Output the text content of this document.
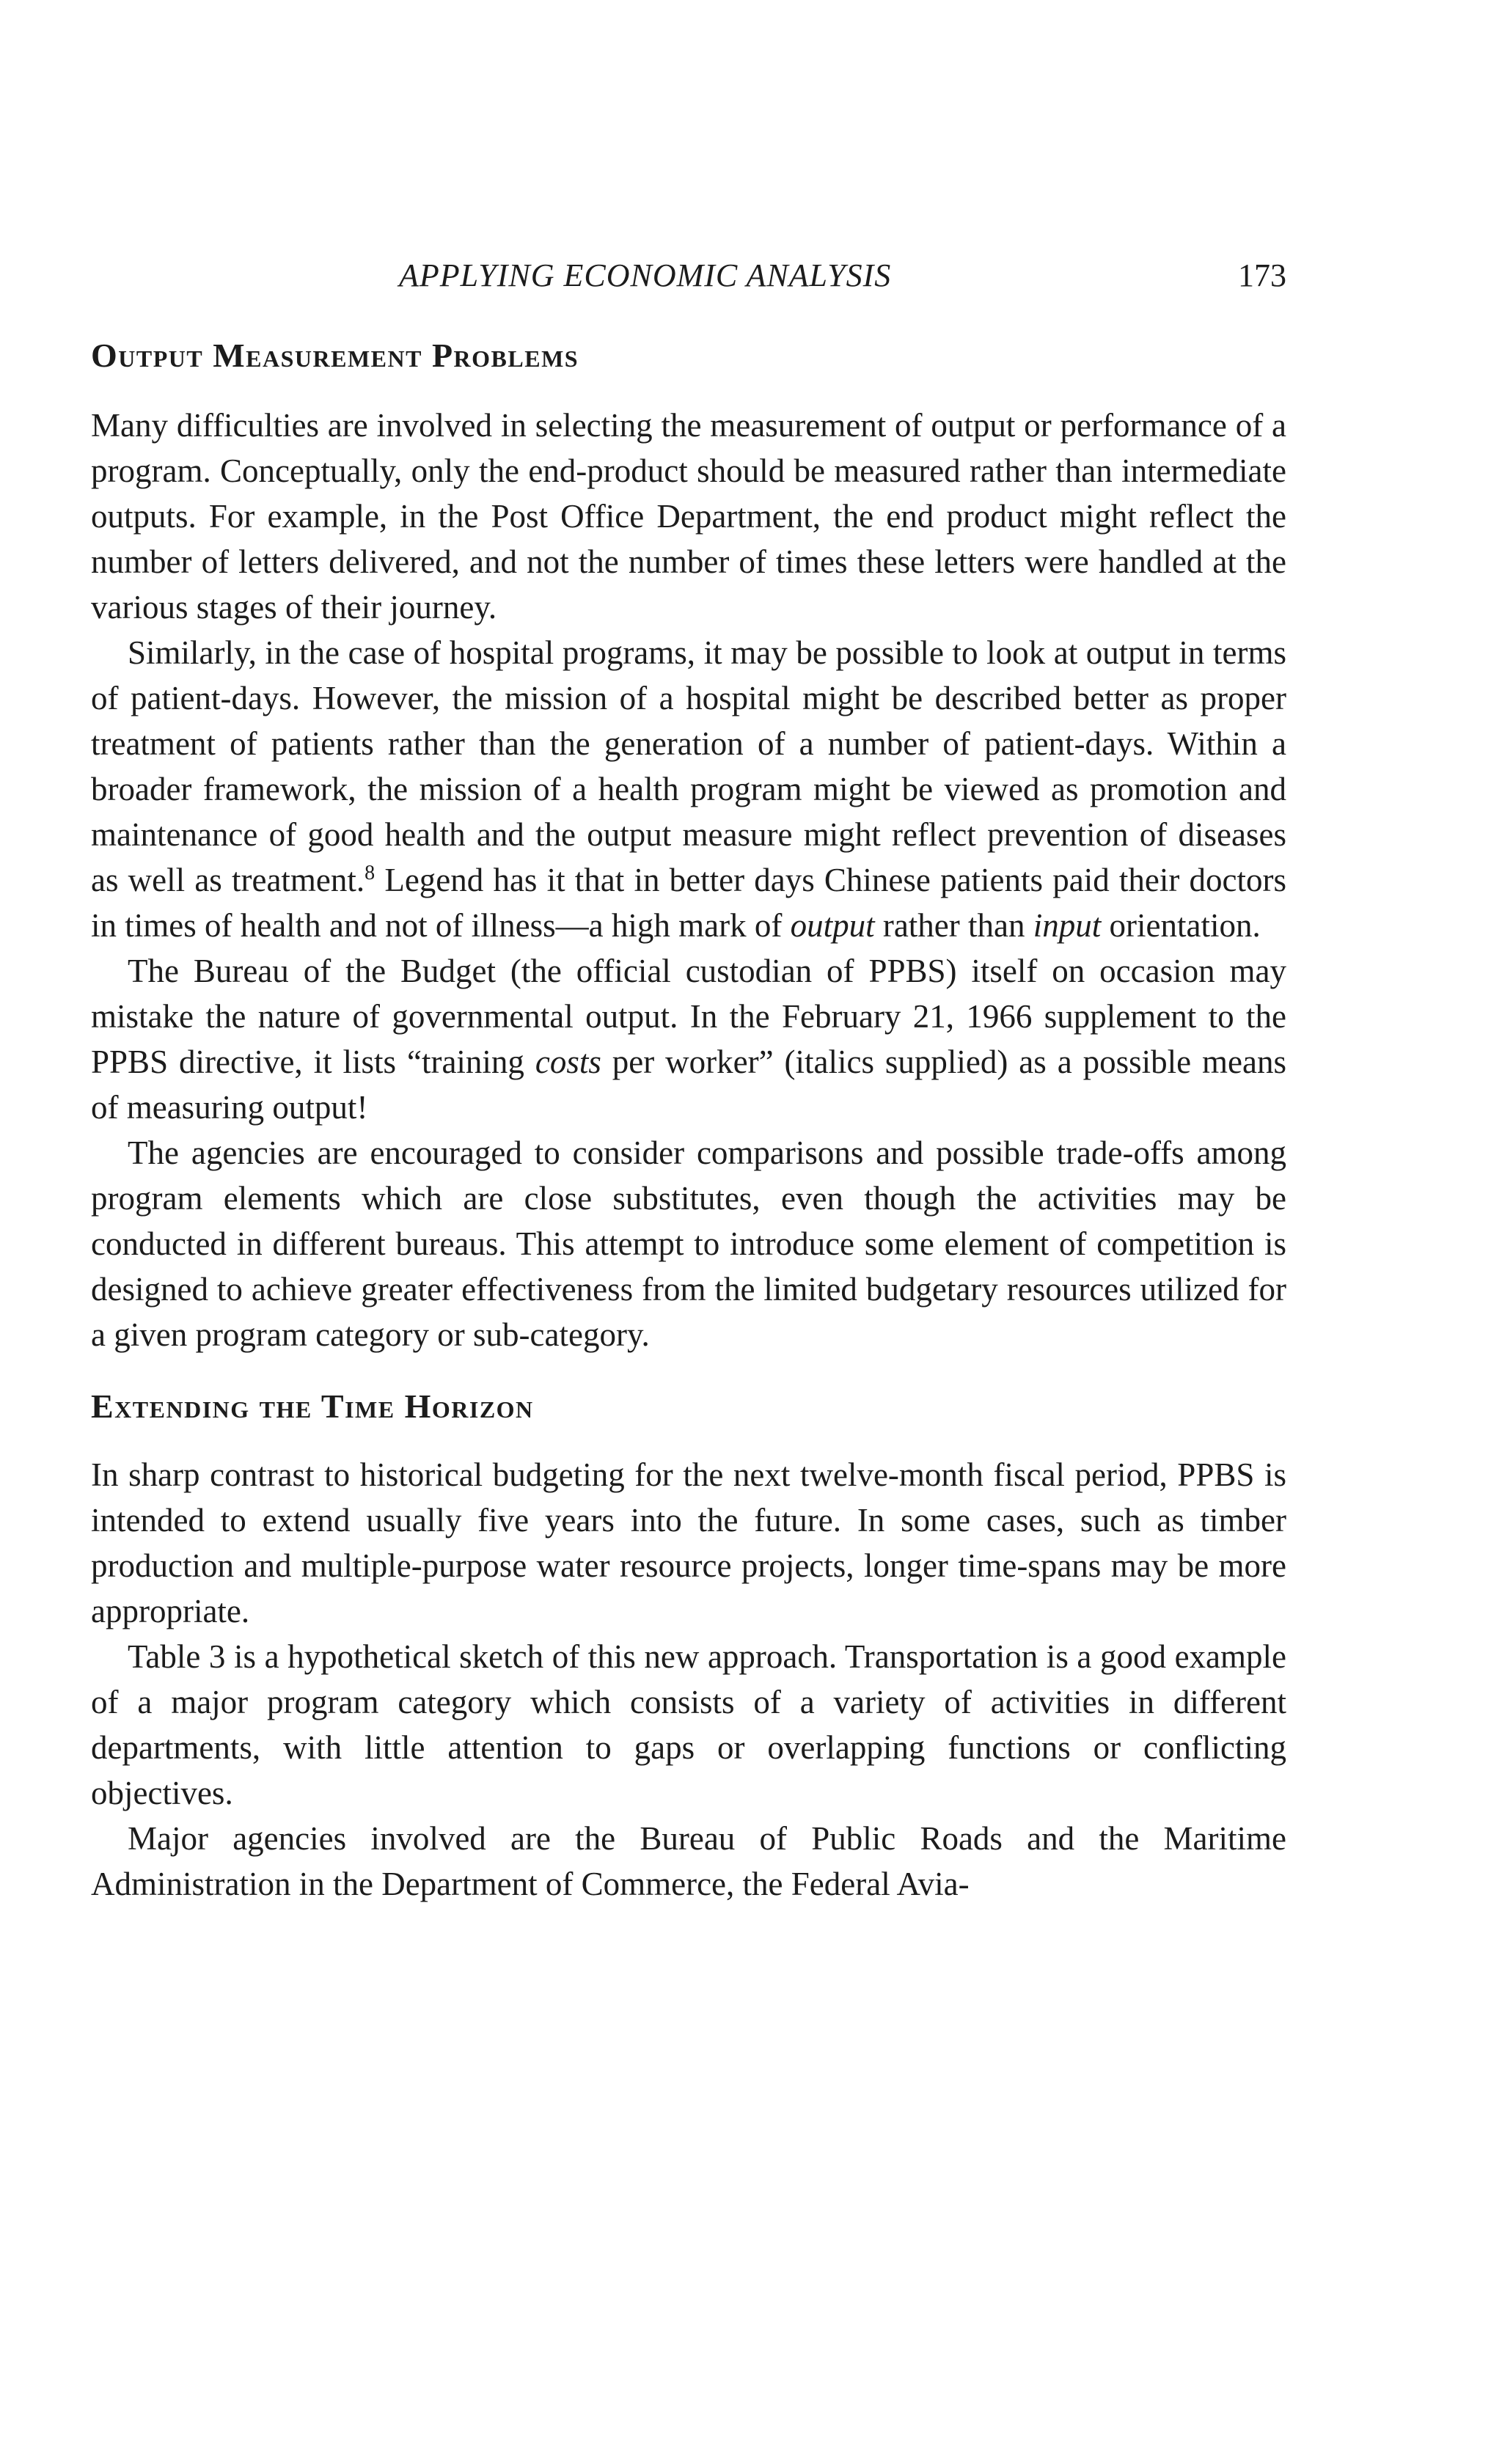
APPLYING ECONOMIC ANALYSIS	173
Output Measurement Problems

Many difficulties are involved in selecting the measurement of output or performance of a program. Conceptually, only the end-product should be measured rather than intermediate outputs. For example, in the Post Office Department, the end product might reflect the number of letters delivered, and not the number of times these letters were handled at the various stages of their journey.

Similarly, in the case of hospital programs, it may be possible to look at output in terms of patient-days. However, the mission of a hospital might be described better as proper treatment of patients rather than the generation of a number of patient-days. Within a broader framework, the mission of a health program might be viewed as promotion and maintenance of good health and the output measure might reflect prevention of diseases as well as treatment.$^8$ Legend has it that in better days Chinese patients paid their doctors in times of health and not of illness—a high mark of output rather than input orientation.

The Bureau of the Budget (the official custodian of PPBS) itself on occasion may mistake the nature of governmental output. In the February 21, 1966 supplement to the PPBS directive, it lists “training costs per worker” (italics supplied) as a possible means of measuring output!

The agencies are encouraged to consider comparisons and possible trade-offs among program elements which are close substitutes, even though the activities may be conducted in different bureaus. This attempt to introduce some element of competition is designed to achieve greater effectiveness from the limited budgetary resources utilized for a given program category or sub-category.

Extending the Time Horizon

In sharp contrast to historical budgeting for the next twelve-month fiscal period, PPBS is intended to extend usually five years into the future. In some cases, such as timber production and multiple-purpose water resource projects, longer time-spans may be more appropriate.

Table 3 is a hypothetical sketch of this new approach. Transportation is a good example of a major program category which consists of a variety of activities in different departments, with little attention to gaps or overlapping functions or conflicting objectives.

Major agencies involved are the Bureau of Public Roads and the Maritime Administration in the Department of Commerce, the Federal Avia-
